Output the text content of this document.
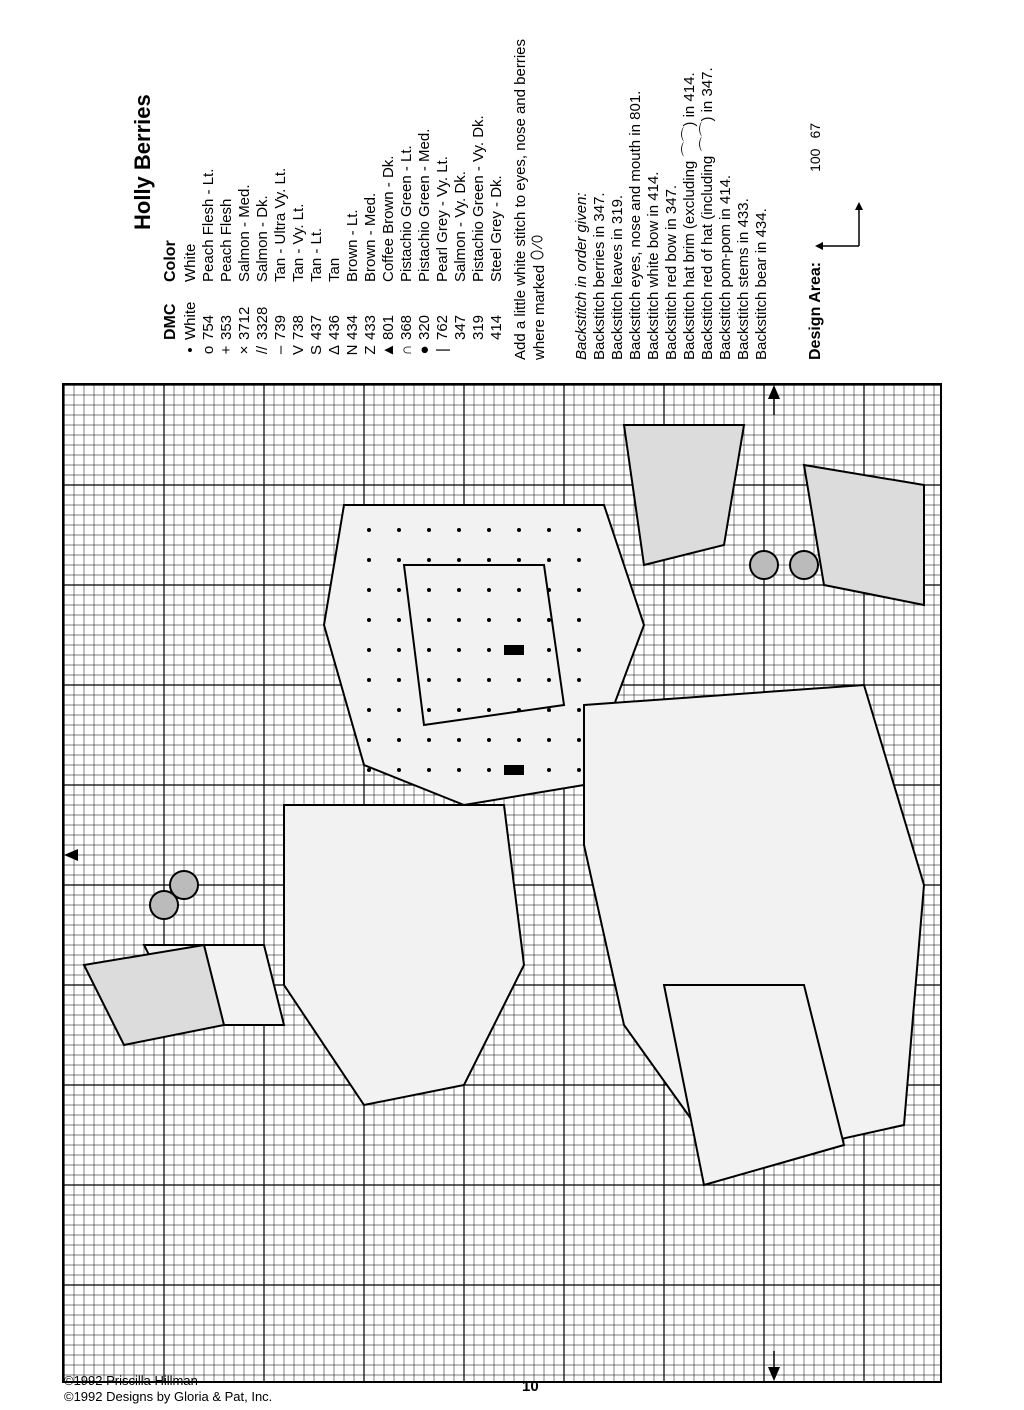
Holly Berries
DMC
Color
•
White
White
o
754
Peach Flesh - Lt.
+
353
Peach Flesh
×
3712
Salmon - Med.
//
3328
Salmon - Dk.
–
739
Tan - Ultra Vy. Lt.
V
738
Tan - Vy. Lt.
S
437
Tan - Lt.
Δ
436
Tan
N
434
Brown - Lt.
Z
433
Brown - Med.
▲
801
Coffee Brown - Dk.
∩
368
Pistachio Green - Lt.
●
320
Pistachio Green - Med.
|
762
Pearl Grey - Vy. Lt.
347
Salmon - Vy. Dk.
319
Pistachio Green - Vy. Dk.
414
Steel Grey - Dk. Add a little white stitch to eyes, nose and berries where marked Backstitch in order given: Backstitch berries in 347. Backstitch leaves in 319. Backstitch eyes, nose and mouth in 801. Backstitch white bow in 414. Backstitch red bow in 347. Backstitch hat brim (excluding ⌒⌒) in 414. Backstitch red of hat (including ⌒⌒) in 347. Backstitch pom-pom in 414. Backstitch stems in 433. Backstitch bear in 434. Design Area:
100
67
©1992 Priscilla Hillman
©1992 Designs by Gloria & Pat, Inc.
10
